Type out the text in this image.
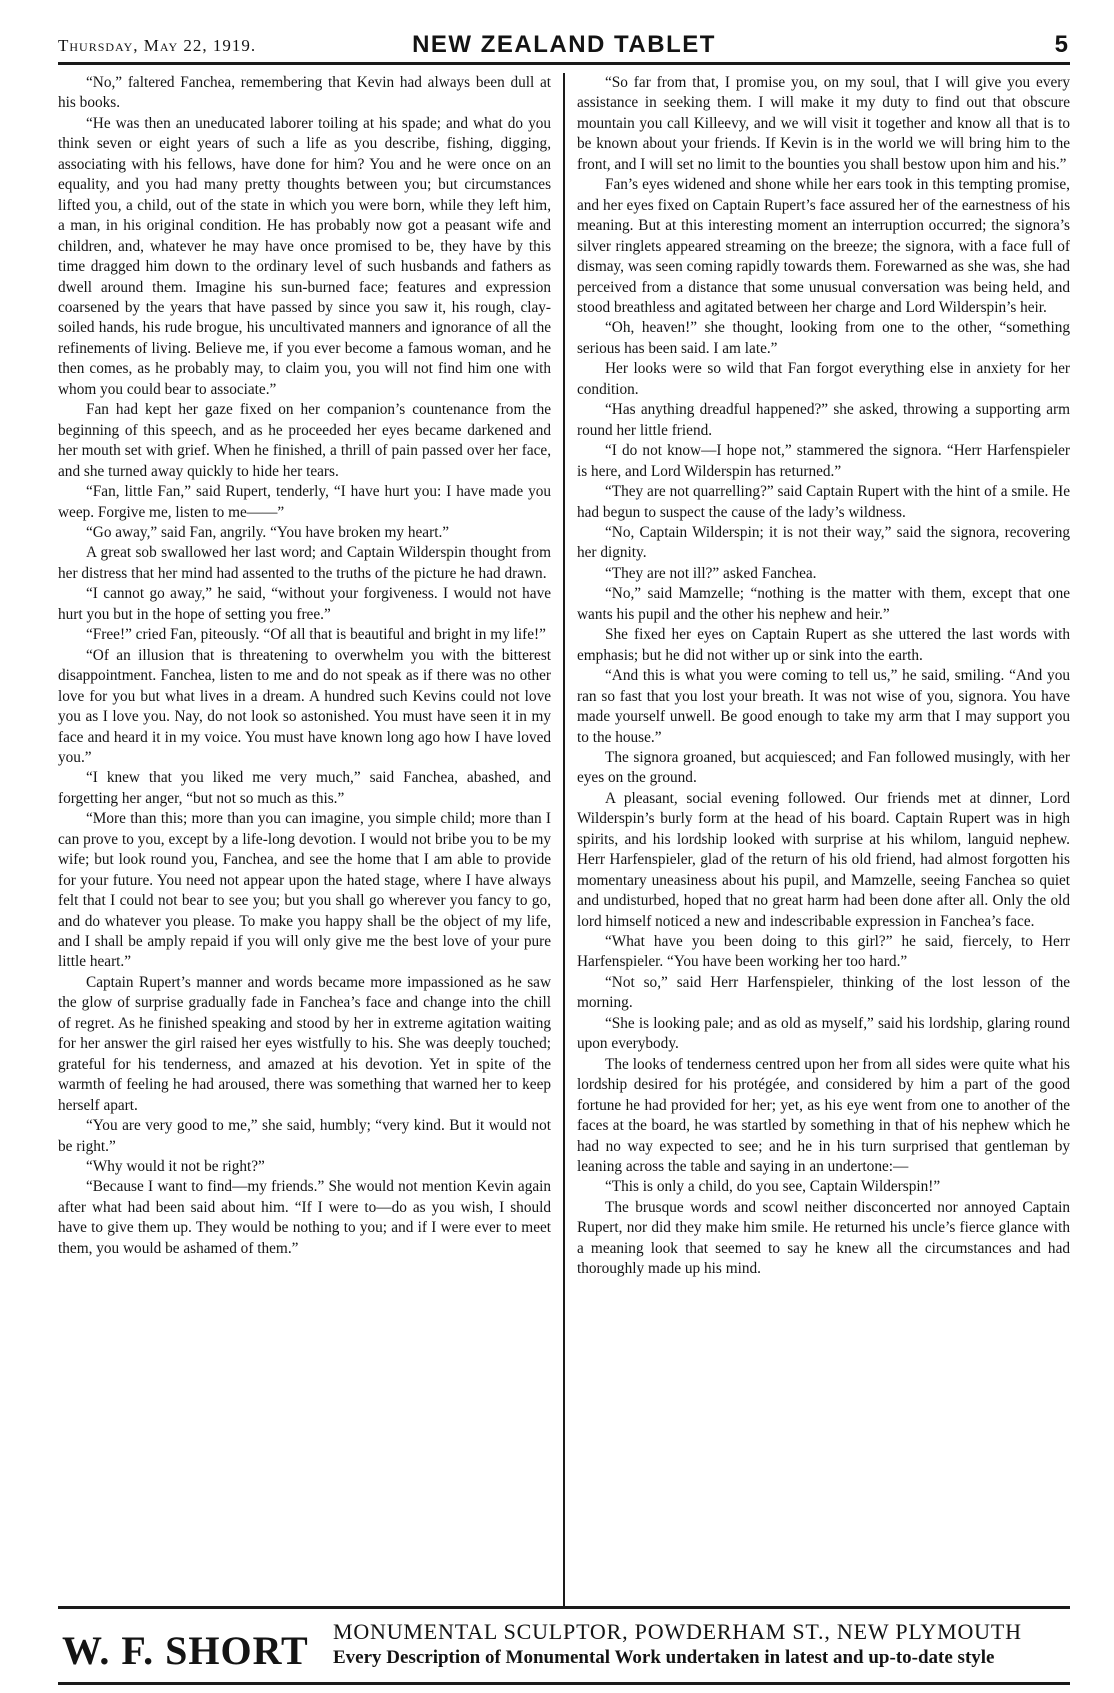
Thursday, May 22, 1919.	NEW ZEALAND TABLET	5

“No,” faltered Fanchea, remembering that Kevin had always been dull at his books.

“He was then an uneducated laborer toiling at his spade; and what do you think seven or eight years of such a life as you describe, fishing, digging, associating with his fellows, have done for him? You and he were once on an equality, and you had many pretty thoughts between you; but circumstances lifted you, a child, out of the state in which you were born, while they left him, a man, in his original condition. He has probably now got a peasant wife and children, and, whatever he may have once promised to be, they have by this time dragged him down to the ordinary level of such husbands and fathers as dwell around them. Imagine his sun-burned face; features and expression coarsened by the years that have passed by since you saw it, his rough, clay-soiled hands, his rude brogue, his uncultivated manners and ignorance of all the refinements of living. Believe me, if you ever become a famous woman, and he then comes, as he probably may, to claim you, you will not find him one with whom you could bear to associate.”

Fan had kept her gaze fixed on her companion’s countenance from the beginning of this speech, and as he proceeded her eyes became darkened and her mouth set with grief. When he finished, a thrill of pain passed over her face, and she turned away quickly to hide her tears.

“Fan, little Fan,” said Rupert, tenderly, “I have hurt you: I have made you weep. Forgive me, listen to me——”

“Go away,” said Fan, angrily. “You have broken my heart.”

A great sob swallowed her last word; and Captain Wilderspin thought from her distress that her mind had assented to the truths of the picture he had drawn.

“I cannot go away,” he said, “without your forgiveness. I would not have hurt you but in the hope of setting you free.”

“Free!” cried Fan, piteously. “Of all that is beautiful and bright in my life!”

“Of an illusion that is threatening to overwhelm you with the bitterest disappointment. Fanchea, listen to me and do not speak as if there was no other love for you but what lives in a dream. A hundred such Kevins could not love you as I love you. Nay, do not look so astonished. You must have seen it in my face and heard it in my voice. You must have known long ago how I have loved you.”

“I knew that you liked me very much,” said Fanchea, abashed, and forgetting her anger, “but not so much as this.”

“More than this; more than you can imagine, you simple child; more than I can prove to you, except by a life-long devotion. I would not bribe you to be my wife; but look round you, Fanchea, and see the home that I am able to provide for your future. You need not appear upon the hated stage, where I have always felt that I could not bear to see you; but you shall go wherever you fancy to go, and do whatever you please. To make you happy shall be the object of my life, and I shall be amply repaid if you will only give me the best love of your pure little heart.”

Captain Rupert’s manner and words became more impassioned as he saw the glow of surprise gradually fade in Fanchea’s face and change into the chill of regret. As he finished speaking and stood by her in extreme agitation waiting for her answer the girl raised her eyes wistfully to his. She was deeply touched; grateful for his tenderness, and amazed at his devotion. Yet in spite of the warmth of feeling he had aroused, there was something that warned her to keep herself apart.

“You are very good to me,” she said, humbly; “very kind. But it would not be right.”

“Why would it not be right?”

“Because I want to find—my friends.” She would not mention Kevin again after what had been said about him. “If I were to—do as you wish, I should have to give them up. They would be nothing to you; and if I were ever to meet them, you would be ashamed of them.”

“So far from that, I promise you, on my soul, that I will give you every assistance in seeking them. I will make it my duty to find out that obscure mountain you call Killeevy, and we will visit it together and know all that is to be known about your friends. If Kevin is in the world we will bring him to the front, and I will set no limit to the bounties you shall bestow upon him and his.”

Fan’s eyes widened and shone while her ears took in this tempting promise, and her eyes fixed on Captain Rupert’s face assured her of the earnestness of his meaning. But at this interesting moment an interruption occurred; the signora’s silver ringlets appeared streaming on the breeze; the signora, with a face full of dismay, was seen coming rapidly towards them. Forewarned as she was, she had perceived from a distance that some unusual conversation was being held, and stood breathless and agitated between her charge and Lord Wilderspin’s heir.

“Oh, heaven!” she thought, looking from one to the other, “something serious has been said. I am late.”

Her looks were so wild that Fan forgot everything else in anxiety for her condition.

“Has anything dreadful happened?” she asked, throwing a supporting arm round her little friend.

“I do not know—I hope not,” stammered the signora. “Herr Harfenspieler is here, and Lord Wilderspin has returned.”

“They are not quarrelling?” said Captain Rupert with the hint of a smile. He had begun to suspect the cause of the lady’s wildness.

“No, Captain Wilderspin; it is not their way,” said the signora, recovering her dignity.

“They are not ill?” asked Fanchea.

“No,” said Mamzelle; “nothing is the matter with them, except that one wants his pupil and the other his nephew and heir.”

She fixed her eyes on Captain Rupert as she uttered the last words with emphasis; but he did not wither up or sink into the earth.

“And this is what you were coming to tell us,” he said, smiling. “And you ran so fast that you lost your breath. It was not wise of you, signora. You have made yourself unwell. Be good enough to take my arm that I may support you to the house.”

The signora groaned, but acquiesced; and Fan followed musingly, with her eyes on the ground.

A pleasant, social evening followed. Our friends met at dinner, Lord Wilderspin’s burly form at the head of his board. Captain Rupert was in high spirits, and his lordship looked with surprise at his whilom, languid nephew. Herr Harfenspieler, glad of the return of his old friend, had almost forgotten his momentary uneasiness about his pupil, and Mamzelle, seeing Fanchea so quiet and undisturbed, hoped that no great harm had been done after all. Only the old lord himself noticed a new and indescribable expression in Fanchea’s face.

“What have you been doing to this girl?” he said, fiercely, to Herr Harfenspieler. “You have been working her too hard.”

“Not so,” said Herr Harfenspieler, thinking of the lost lesson of the morning.

“She is looking pale; and as old as myself,” said his lordship, glaring round upon everybody.

The looks of tenderness centred upon her from all sides were quite what his lordship desired for his protégée, and considered by him a part of the good fortune he had provided for her; yet, as his eye went from one to another of the faces at the board, he was startled by something in that of his nephew which he had no way expected to see; and he in his turn surprised that gentleman by leaning across the table and saying in an undertone:—

“This is only a child, do you see, Captain Wilderspin!”

The brusque words and scowl neither disconcerted nor annoyed Captain Rupert, nor did they make him smile. He returned his uncle’s fierce glance with a meaning look that seemed to say he knew all the circumstances and had thoroughly made up his mind.

W. F. SHORT MONUMENTAL SCULPTOR, POWDERHAM ST., NEW PLYMOUTH
Every Description of Monumental Work undertaken in latest and up-to-date style
